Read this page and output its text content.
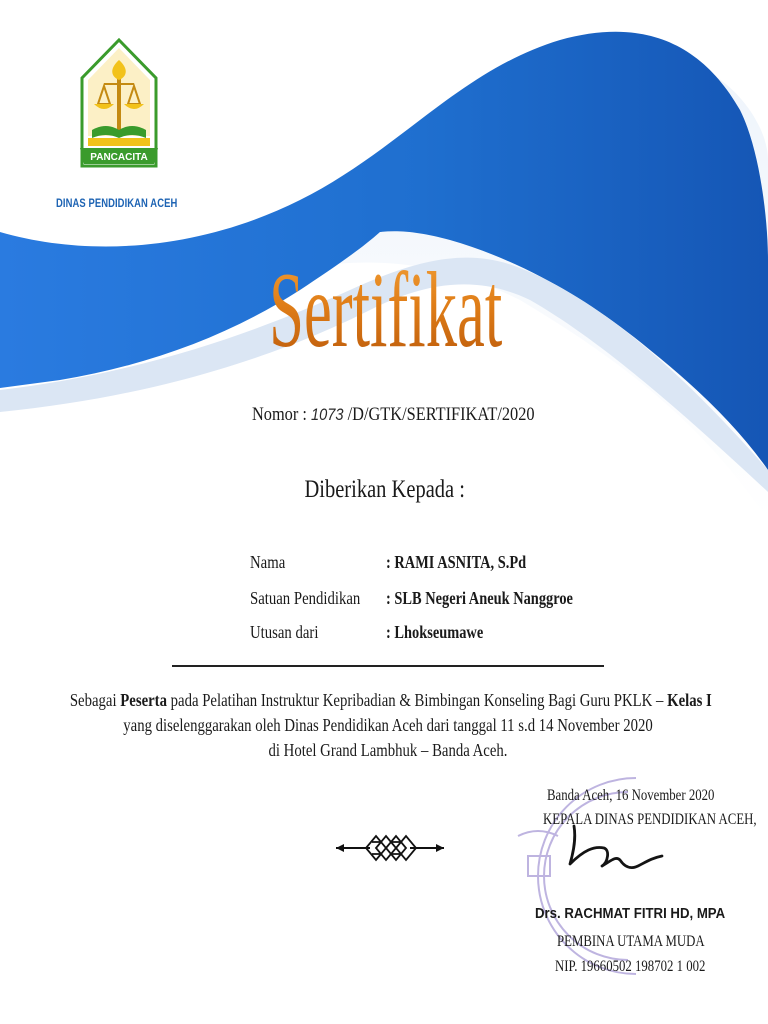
PANCACITA
DINAS PENDIDIKAN ACEH
Sertifikat
Nomor : 1073 /D/GTK/SERTIFIKAT/2020
Diberikan Kepada :
Nama	: RAMI ASNITA, S.Pd
Satuan Pendidikan : SLB Negeri Aneuk Nanggroe
Utusan dari	: Lhokseumawe
Sebagai Peserta pada Pelatihan Instruktur Kepribadian & Bimbingan Konseling Bagi Guru PKLK – Kelas I
yang diselenggarakan oleh Dinas Pendidikan Aceh dari tanggal 11 s.d 14 November 2020
di Hotel Grand Lambhuk – Banda Aceh.
Banda Aceh, 16 November 2020
KEPALA DINAS PENDIDIKAN ACEH,
Drs. RACHMAT FITRI HD, MPA
PEMBINA UTAMA MUDA
NIP. 19660502 198702 1 002
